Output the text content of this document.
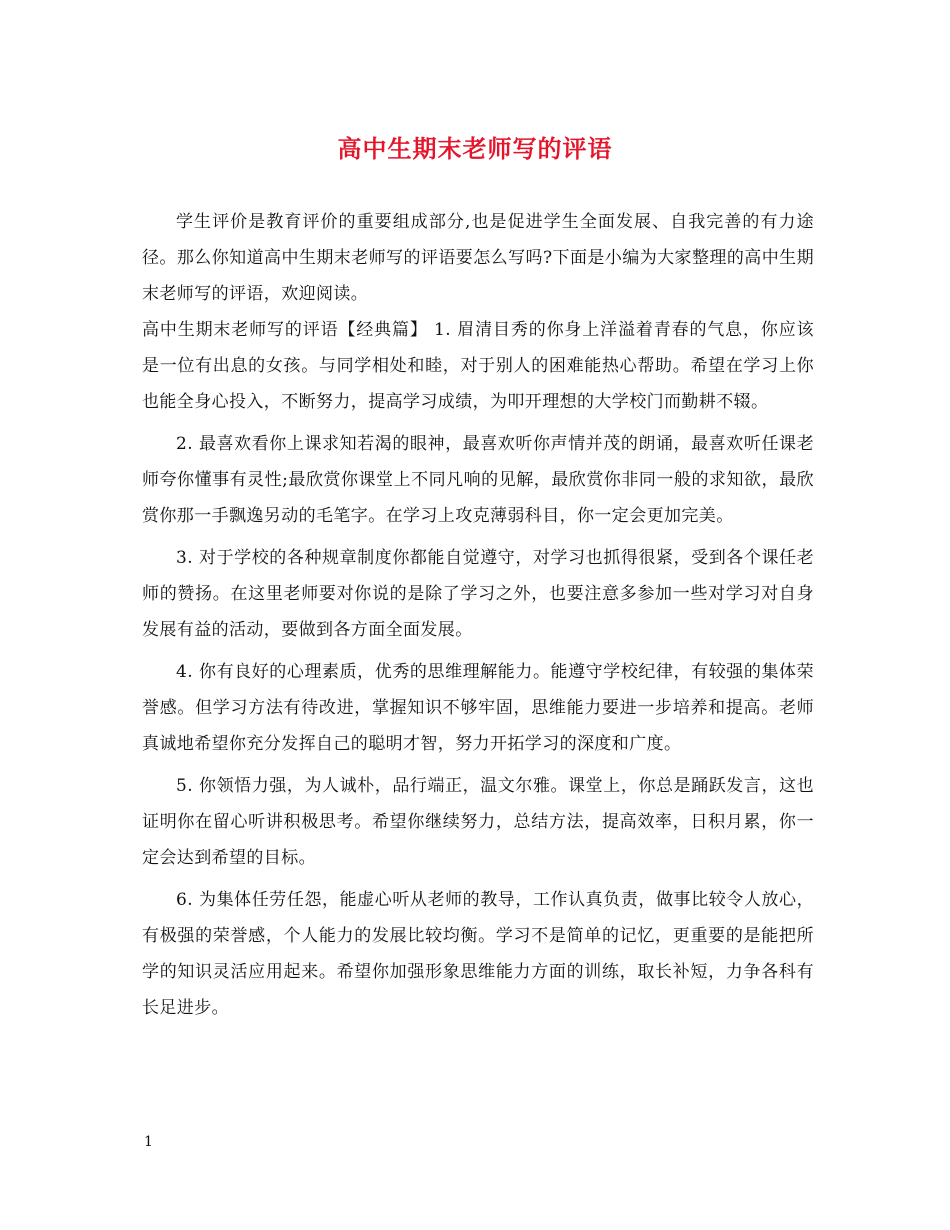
高中生期末老师写的评语

学生评价是教育评价的重要组成部分,也是促进学生全面发展、自我完善的有力途径。那么你知道高中生期末老师写的评语要怎么写吗?下面是小编为大家整理的高中生期末老师写的评语，欢迎阅读。

高中生期末老师写的评语【经典篇】 1. 眉清目秀的你身上洋溢着青春的气息，你应该是一位有出息的女孩。与同学相处和睦，对于别人的困难能热心帮助。希望在学习上你也能全身心投入，不断努力，提高学习成绩，为叩开理想的大学校门而勤耕不辍。

2. 最喜欢看你上课求知若渴的眼神，最喜欢听你声情并茂的朗诵，最喜欢听任课老师夸你懂事有灵性;最欣赏你课堂上不同凡响的见解，最欣赏你非同一般的求知欲，最欣赏你那一手飘逸另动的毛笔字。在学习上攻克薄弱科目，你一定会更加完美。

3. 对于学校的各种规章制度你都能自觉遵守，对学习也抓得很紧，受到各个课任老师的赞扬。在这里老师要对你说的是除了学习之外，也要注意多参加一些对学习对自身发展有益的活动，要做到各方面全面发展。

4. 你有良好的心理素质，优秀的思维理解能力。能遵守学校纪律，有较强的集体荣誉感。但学习方法有待改进，掌握知识不够牢固，思维能力要进一步培养和提高。老师真诚地希望你充分发挥自己的聪明才智，努力开拓学习的深度和广度。

5. 你领悟力强，为人诚朴，品行端正，温文尔雅。课堂上，你总是踊跃发言，这也证明你在留心听讲积极思考。希望你继续努力，总结方法，提高效率，日积月累，你一定会达到希望的目标。

6. 为集体任劳任怨，能虚心听从老师的教导，工作认真负责，做事比较令人放心，有极强的荣誉感，个人能力的发展比较均衡。学习不是简单的记忆，更重要的是能把所学的知识灵活应用起来。希望你加强形象思维能力方面的训练，取长补短，力争各科有长足进步。

1
